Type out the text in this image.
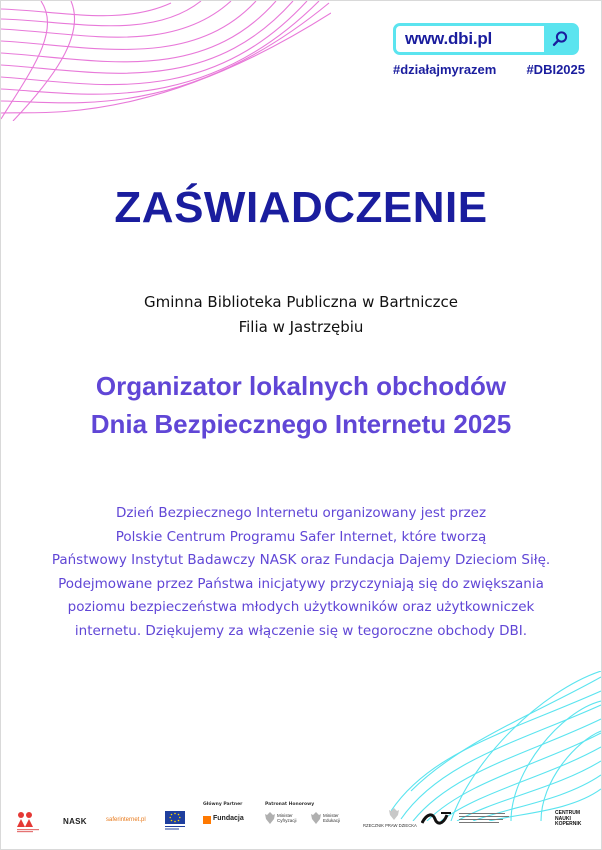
www.dbi.pl
#działajmyrazem #DBI2025
ZAŚWIADCZENIE
Gminna Biblioteka Publiczna w Bartniczce
Filia w Jastrzębiu
Organizator lokalnych obchodów
Dnia Bezpiecznego Internetu 2025
Dzień Bezpiecznego Internetu organizowany jest przez
Polskie Centrum Programu Safer Internet, które tworzą
Państwowy Instytut Badawczy NASK oraz Fundacja Dajemy Dzieciom Siłę.
Podejmowane przez Państwa inicjatywy przyczyniają się do zwiększania
poziomu bezpieczeństwa młodych użytkowników oraz użytkowniczek
internetu. Dziękujemy za włączenie się w tegoroczne obchody DBI.
NASK	saferinternet.pl
Główny Partner
Fundacja
Patronat Honorowy
Minister Cyfryzacji
Minister Edukacji
RZECZNIK PRAW DZIECKA
CENTRUM
NAUKI
KOPERNIK
